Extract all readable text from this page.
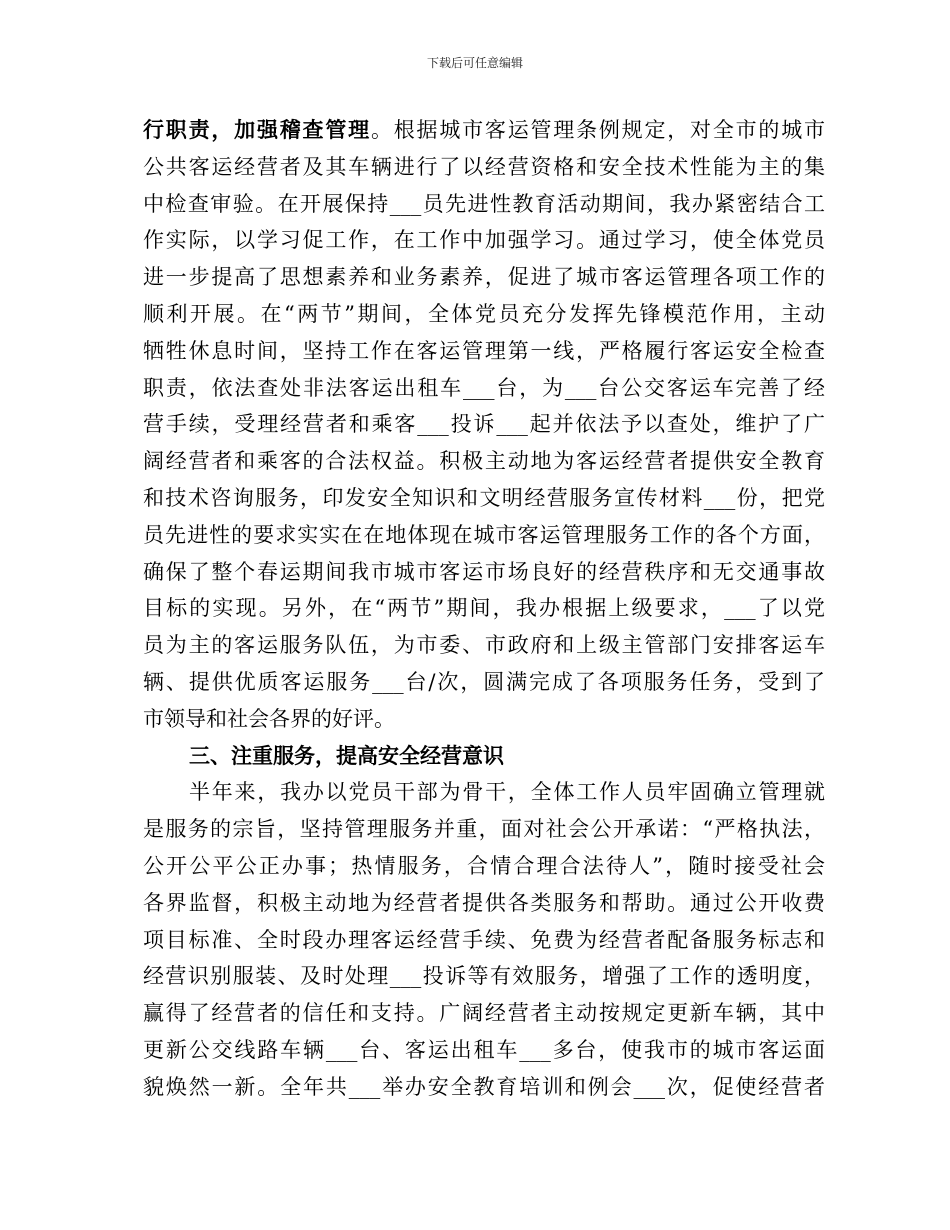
下载后可任意编辑
行职责，加强稽查管理。根据城市客运管理条例规定，对全市的城市
公共客运经营者及其车辆进行了以经营资格和安全技术性能为主的集
中检查审验。在开展保持___员先进性教育活动期间，我办紧密结合工
作实际，以学习促工作，在工作中加强学习。通过学习，使全体党员
进一步提高了思想素养和业务素养，促进了城市客运管理各项工作的
顺利开展。在“两节”期间，全体党员充分发挥先锋模范作用，主动
牺牲休息时间，坚持工作在客运管理第一线，严格履行客运安全检查
职责，依法查处非法客运出租车___台，为___台公交客运车完善了经
营手续，受理经营者和乘客___投诉___起并依法予以查处，维护了广
阔经营者和乘客的合法权益。积极主动地为客运经营者提供安全教育
和技术咨询服务，印发安全知识和文明经营服务宣传材料___份，把党
员先进性的要求实实在在地体现在城市客运管理服务工作的各个方面，
确保了整个春运期间我市城市客运市场良好的经营秩序和无交通事故
目标的实现。另外，在“两节”期间，我办根据上级要求，___了以党
员为主的客运服务队伍，为市委、市政府和上级主管部门安排客运车
辆、提供优质客运服务___台/次，圆满完成了各项服务任务，受到了
市领导和社会各界的好评。
三、注重服务，提高安全经营意识
半年来，我办以党员干部为骨干，全体工作人员牢固确立管理就
是服务的宗旨，坚持管理服务并重，面对社会公开承诺：“严格执法，
公开公平公正办事；热情服务，合情合理合法待人”，随时接受社会
各界监督，积极主动地为经营者提供各类服务和帮助。通过公开收费
项目标准、全时段办理客运经营手续、免费为经营者配备服务标志和
经营识别服装、及时处理___投诉等有效服务，增强了工作的透明度，
赢得了经营者的信任和支持。广阔经营者主动按规定更新车辆，其中
更新公交线路车辆___台、客运出租车___多台，使我市的城市客运面
貌焕然一新。全年共___举办安全教育培训和例会___次，促使经营者
